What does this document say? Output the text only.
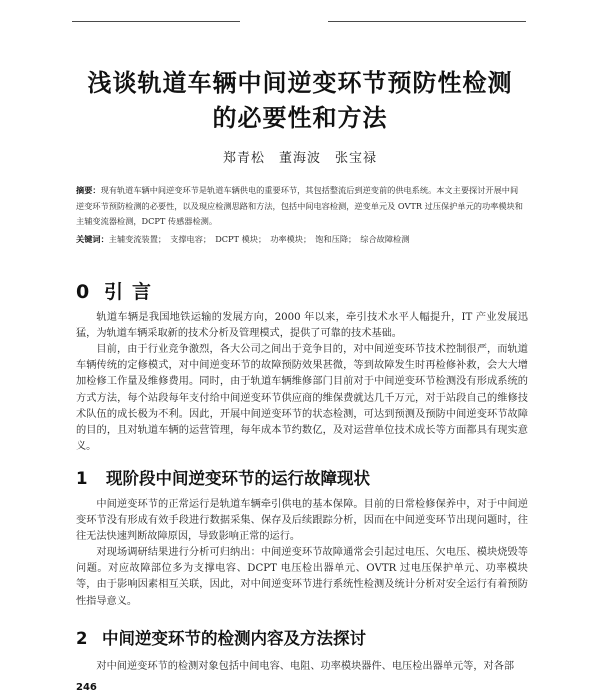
浅谈轨道车辆中间逆变环节预防性检测
的必要性和方法
郑青松　董海波　张宝禄

摘要：现有轨道车辆中间逆变环节是轨道车辆供电的重要环节，其包括整流后到逆变前的供电系统。本文主要探讨开展中间逆变环节预防检测的必要性，以及現应检测思路和方法，包括中间电容检测，逆变单元及 OVTR 过压保护单元的功率模块和主辅变流器检测，DCPT 传感器检测。

关键词：主辅变流装置；　支撑电容；　DCPT 模块；　功率模块；　饱和压降；　综合故障检测

0 引言

轨道车辆是我国地铁运输的发展方向，2000 年以来，牵引技术水平人幅提升，IT 产业发展迅猛，为轨道车辆采取新的技术分析及管理模式，提供了可靠的技术基础。

目前，由于行业竞争激烈，各大公司之间出于竞争目的，对中间逆变环节技术控制很严，而轨道车辆传统的定修模式，对中间逆变环节的故障预防效果甚微，等到故障发生时再检修补救，会大大增加检修工作量及维修费用。同时，由于轨道车辆维修部门目前对于中间逆变环节检测没有形成系统的方式方法，每个站段每年支付给中间逆变环节供应商的维保费就达几千万元，对于站段自己的维修技术队伍的成长极为不利。因此，开展中间逆变环节的状态检测，可达到预测及预防中间逆变环节故障的目的，且对轨道车辆的运营管理，每年成本节约数亿，及对运营单位技术成长等方面都具有现实意义。

1 现阶段中间逆变环节的运行故障现状

中间逆变环节的正常运行是轨道车辆牵引供电的基本保障。目前的日常检修保养中，对于中间逆变环节没有形成有效手段进行数据采集、保存及后续跟踪分析，因而在中间逆变环节出现问题时，往往无法快速判断故障原因，导致影响正常的运行。

对现场调研结果进行分析可归纳出：中间逆变环节故障通常会引起过电压、欠电压、模块烧毁等问题。对应故障部位多为支撑电容、DCPT 电压检出器单元、OVTR 过电压保护单元、功率模块等，由于影响因素相互关联，因此，对中间逆变环节进行系统性检测及统计分析对安全运行有着预防性指导意义。

2 中间逆变环节的检测内容及方法探讨

对中间逆变环节的检测对象包括中间电容、电阻、功率模块器件、电压检出器单元等，对各部

246
